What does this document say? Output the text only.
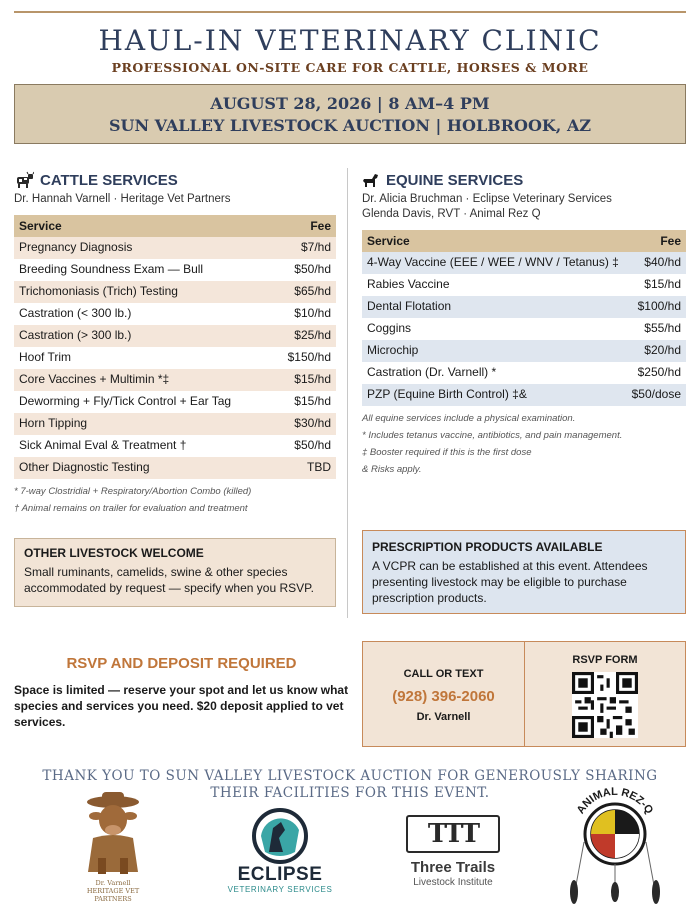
HAUL-IN VETERINARY CLINIC
PROFESSIONAL ON-SITE CARE FOR CATTLE, HORSES & MORE
AUGUST 28, 2026 | 8 AM–4 PM
SUN VALLEY LIVESTOCK AUCTION | HOLBROOK, AZ
CATTLE SERVICES
Dr. Hannah Varnell · Heritage Vet Partners
Service	Fee
Pregnancy Diagnosis	$7/hd
Breeding Soundness Exam — Bull	$50/hd
Trichomoniasis (Trich) Testing	$65/hd
Castration (< 300 lb.)	$10/hd
Castration (> 300 lb.)	$25/hd
Hoof Trim	$150/hd
Core Vaccines + Multimin *‡	$15/hd
Deworming + Fly/Tick Control + Ear Tag	$15/hd
Horn Tipping	$30/hd
Sick Animal Eval & Treatment †	$50/hd
Other Diagnostic Testing	TBD
* 7-way Clostridial + Respiratory/Abortion Combo (killed)
† Animal remains on trailer for evaluation and treatment
EQUINE SERVICES
Dr. Alicia Bruchman · Eclipse Veterinary Services
Glenda Davis, RVT · Animal Rez Q
Service	Fee
4-Way Vaccine (EEE / WEE / WNV / Tetanus) ‡	$40/hd
Rabies Vaccine	$15/hd
Dental Flotation	$100/hd
Coggins	$55/hd
Microchip	$20/hd
Castration (Dr. Varnell) *	$250/hd
PZP (Equine Birth Control) ‡&	$50/dose
All equine services include a physical examination.
* Includes tetanus vaccine, antibiotics, and pain management.
‡ Booster required if this is the first dose
& Risks apply.
OTHER LIVESTOCK WELCOME
Small ruminants, camelids, swine & other species accommodated by request — specify when you RSVP.
PRESCRIPTION PRODUCTS AVAILABLE
A VCPR can be established at this event. Attendees presenting livestock may be eligible to purchase prescription products.
RSVP AND DEPOSIT REQUIRED
Space is limited — reserve your spot and let us know what species and services you need. $20 deposit applied to vet services.
CALL OR TEXT
(928) 396-2060
Dr. Varnell
RSVP FORM
THANK YOU TO SUN VALLEY LIVESTOCK AUCTION FOR GENEROUSLY SHARING THEIR FACILITIES FOR THIS EVENT.
Dr. Varnell
HERITAGE VET PARTNERS
ECLIPSE
VETERINARY SERVICES
TTT
Three Trails
Livestock Institute
ANIMAL REZ-Q
